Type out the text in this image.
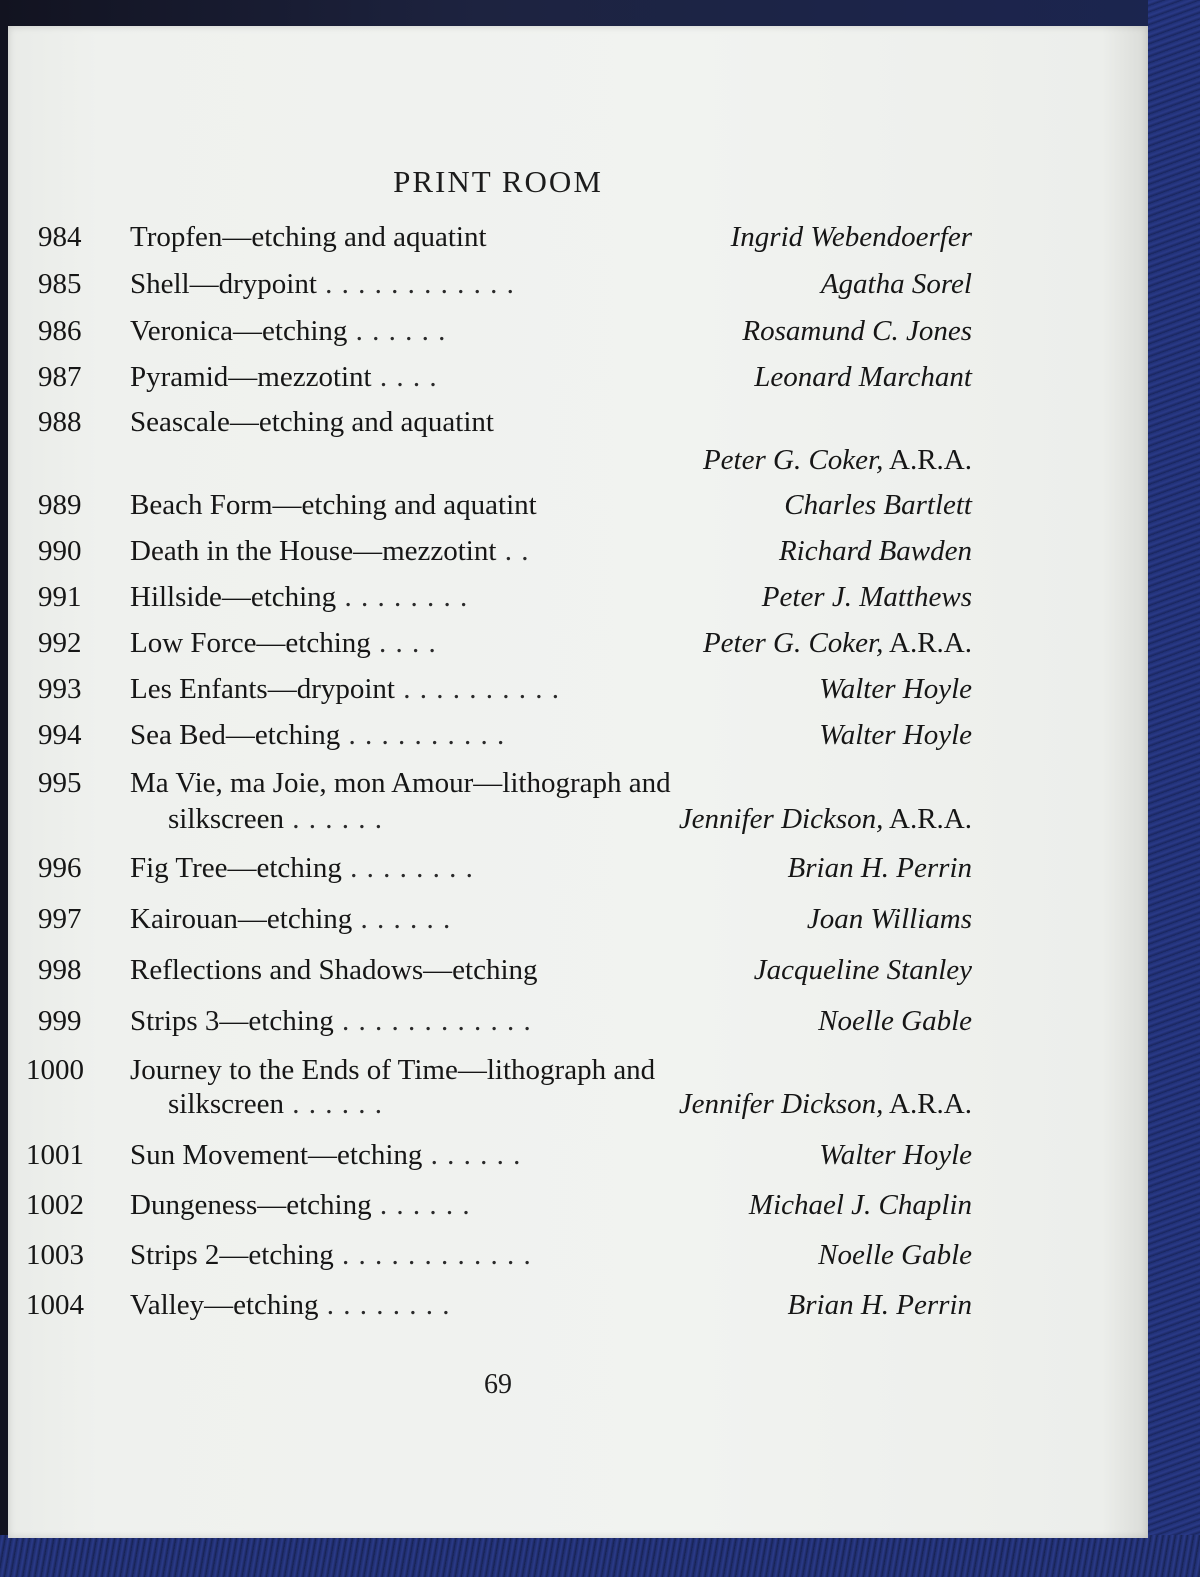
PRINT ROOM
984	Tropfen—etching and aquatint	Ingrid Webendoerfer
985	Shell—drypoint . . . . . . . . . . . .	Agatha Sorel
986	Veronica—etching . . . . . .	Rosamund C. Jones
987	Pyramid—mezzotint . . . .	Leonard Marchant
988	Seascale—etching and aquatint
Peter G. Coker, A.R.A.
989	Beach Form—etching and aquatint	Charles Bartlett
990	Death in the House—mezzotint . .	Richard Bawden
991	Hillside—etching . . . . . . . .	Peter J. Matthews
992	Low Force—etching . . . .	Peter G. Coker, A.R.A.
993	Les Enfants—drypoint . . . . . . . . . .	Walter Hoyle
994	Sea Bed—etching . . . . . . . . . .	Walter Hoyle
995	Ma Vie, ma Joie, mon Amour—lithograph and
silkscreen . . . . . .	Jennifer Dickson, A.R.A.
996	Fig Tree—etching . . . . . . . .	Brian H. Perrin
997	Kairouan—etching . . . . . .	Joan Williams
998	Reflections and Shadows—etching	Jacqueline Stanley
999	Strips 3—etching . . . . . . . . . . . .	Noelle Gable
1000	Journey to the Ends of Time—lithograph and
silkscreen . . . . . .	Jennifer Dickson, A.R.A.
1001	Sun Movement—etching . . . . . .	Walter Hoyle
1002	Dungeness—etching . . . . . .	Michael J. Chaplin
1003	Strips 2—etching . . . . . . . . . . . .	Noelle Gable
1004	Valley—etching . . . . . . . .	Brian H. Perrin
69
